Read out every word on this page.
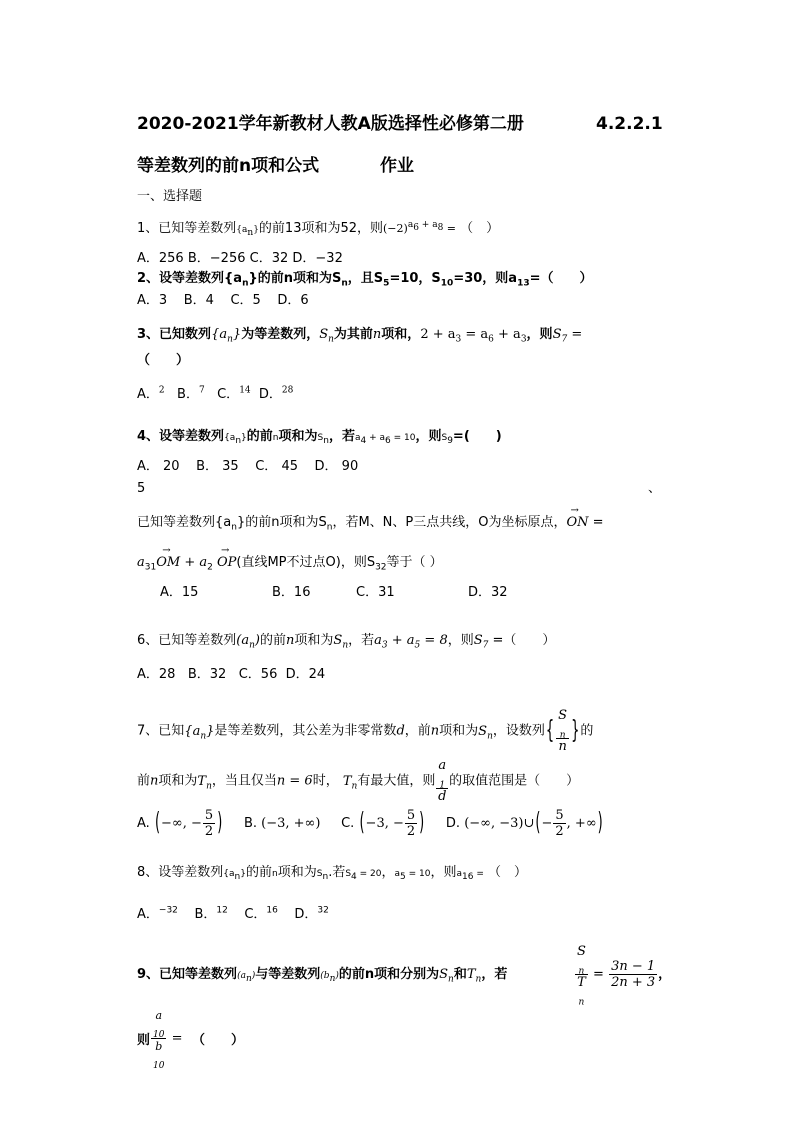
2020-2021学年新教材人教A版选择性必修第二册	4.2.2.1
等差数列的前n项和公式	作业
一、选择题
1、已知等差数列$\{a_n\}$的前13项和为52，则$(-2)^{a_6 + a_8}$ = （　）
A．256 B．−256 C．32 D．−32
2、设等差数列$\{a_n\}$的前n项和为$S_n$，且$S_5=10$，$S_{10}=30$，则$a_{13}=$（　　）
A．3 B．4 C．5 D．6
3、已知数列$\{a_n\}$为等差数列，$S_n$为其前n项和，$2 + a_3 = a_6 + a_3$，则$S_7$ =
（　　）
A．$^2$ B．$^7$ C．$^{14}$ D．$^{28}$
4、设等差数列$\{a_n\}$的前n项和为$S_n$，若$a_4 + a_6 = 10$，则$S_9=$(　　)
A． 20 B． 35 C． 45 D． 90
5	、
已知等差数列$\{a_n\}$的前n项和为$S_n$，若M、N、P三点共线，O为坐标原点，
→
ON =
$a_{31}$
→
OM + $a_2$
→
OP(直线MP不过点O)，则$S_{32}$等于（ ）
A．15	B．16	C．31	D．32
6、已知等差数列$(a_n)$的前n项和为$S_n$，若$a_3 + a_5 = 8$，则$S_7$ =（　　）
A．28 B．32 C．56 D．24
7、已知$\{a_n\}$是等差数列，其公差为非零常数d，前n项和为$S_n$，设数列{ S
$_n$
n }的
前n项和为$T_n$，当且仅当n = 6时， $T_n$有最大值，则 a
$_1$
d 的取值范围是（　　）
A. (−∞, − $\frac{5}{2}$ ) B. (−3, +∞) C. (−3, − $\frac{5}{2}$ ) D. (−∞, −3)∪(− $\frac{5}{2}$ , +∞)
8、设等差数列$\{a_n\}$的前n项和为$S_n$.若$S_4 = 20$，$a_5 = 10$，则$a_{16}$ = （　）
A．$^{-32}$ B．$^{12}$ C．$^{16}$ D．$^{32}$
9、已知等差数列$(a_n)$与等差数列$(b_n)$的前n项和分别为$S_n$和$T_n$，若	S
$_n$
T
$_n = \frac{3n - 1}{2n + 3}$ ，
则 a
$_{10}$
b
$_{10}$ = （　　）
